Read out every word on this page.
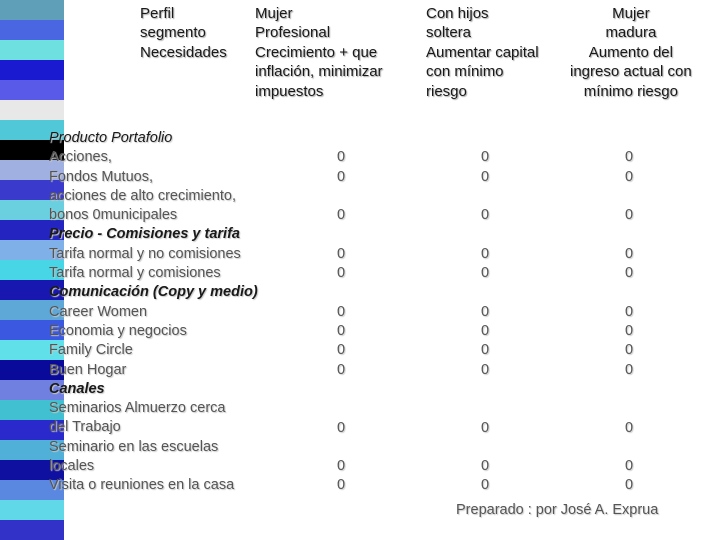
Perfil
segmento
Necesidades
Mujer
Profesional
Crecimiento + que
inflación, minimizar
impuestos
Con hijos
soltera
Aumentar capital
con mínimo
riesgo
Mujer
madura
Aumento del
ingreso actual con
mínimo riesgo
Producto Portafolio
Acciones,
Fondos Mutuos,
acciones de alto crecimiento,
bonos 0municipales
Precio - Comisiones y tarifa
Tarifa normal y no comisiones
Tarifa normal y comisiones
Comunicación (Copy y medio)
Career Women
Economia y negocios
Family Circle
Buen Hogar
Canales
Seminarios Almuerzo cerca
del Trabajo
Seminario en las escuelas
locales
Visita o reuniones en la casa
0
0
0
0
0
0
0
0
0
0
0
0
0
0
0
0
0
0
0
0
0
0
0
0
0
0
0
0
0
0
0
0
0
0
0
0
Preparado : por José A. Exprua
